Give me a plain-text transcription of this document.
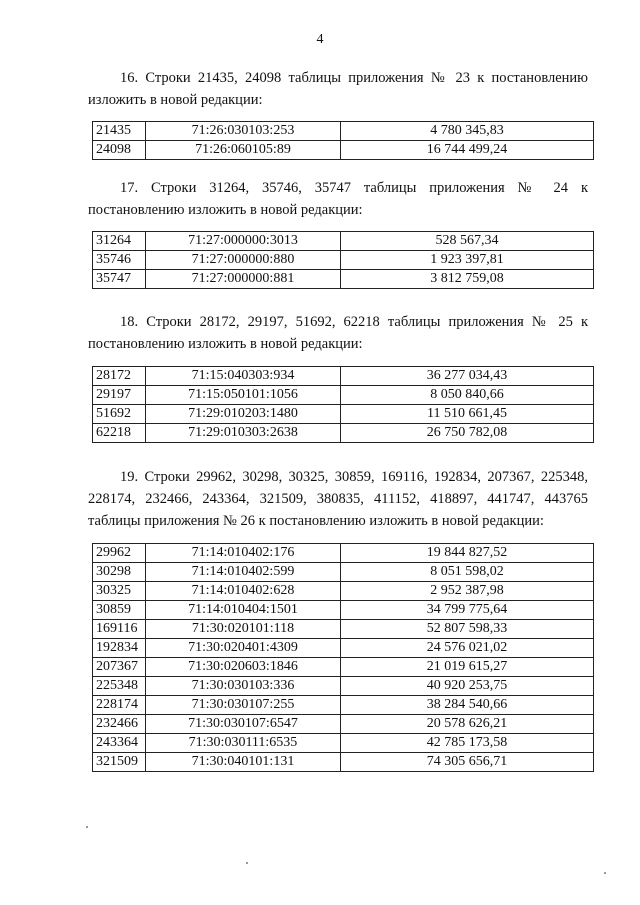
4

16. Строки 21435, 24098 таблицы приложения № 23 к постановлению изложить в новой редакции:

21435	71:26:030103:253	4 780 345,83
24098	71:26:060105:89	16 744 499,24

17. Строки 31264, 35746, 35747 таблицы приложения № 24 к постановлению изложить в новой редакции:

31264	71:27:000000:3013	528 567,34
35746	71:27:000000:880	1 923 397,81
35747	71:27:000000:881	3 812 759,08

18. Строки 28172, 29197, 51692, 62218 таблицы приложения № 25 к постановлению изложить в новой редакции:

28172	71:15:040303:934	36 277 034,43
29197	71:15:050101:1056	8 050 840,66
51692	71:29:010203:1480	11 510 661,45
62218	71:29:010303:2638	26 750 782,08

19. Строки 29962, 30298, 30325, 30859, 169116, 192834, 207367, 225348, 228174, 232466, 243364, 321509, 380835, 411152, 418897, 441747, 443765 таблицы приложения № 26 к постановлению изложить в новой редакции:

29962	71:14:010402:176	19 844 827,52
30298	71:14:010402:599	8 051 598,02
30325	71:14:010402:628	2 952 387,98
30859	71:14:010404:1501	34 799 775,64
169116	71:30:020101:118	52 807 598,33
192834	71:30:020401:4309	24 576 021,02
207367	71:30:020603:1846	21 019 615,27
225348	71:30:030103:336	40 920 253,75
228174	71:30:030107:255	38 284 540,66
232466	71:30:030107:6547	20 578 626,21
243364	71:30:030111:6535	42 785 173,58
321509	71:30:040101:131	74 305 656,71
